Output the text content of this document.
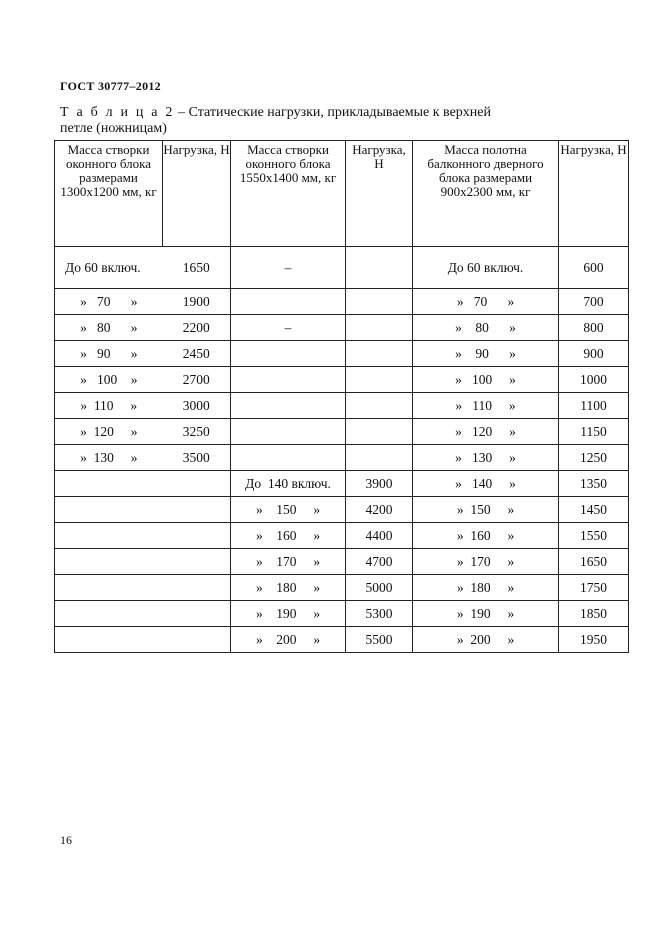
ГОСТ 30777–2012
Т а б л и ц а 2 – Статические нагрузки, прикладываемые к верхней петле (ножницам)
Масса створки оконного блока размерами 1300х1200 мм, кг	Нагрузка, Н	Масса створки оконного блока 1550х1400 мм, кг	Нагрузка, Н	Масса полотна балконного дверного блока размерами 900х2300 мм, кг	Нагрузка, Н
До 60 включ.	1650	–		До 60 включ.	600
»   70      »	1900			»   70      »	700
»   80      »	2200	–		»    80      »	800
»   90      »	2450			»    90      »	900
»   100    »	2700			»   100     »	1000
»  110     »	3000			»   110     »	1100
»  120     »	3250			»   120     »	1150
»  130     »	3500			»   130     »	1250
		До  140 включ.	3900	»   140     »	1350
		»    150     »	4200	»  150     »	1450
		»    160     »	4400	»  160     »	1550
		»    170     »	4700	»  170     »	1650
		»    180     »	5000	»  180     »	1750
		»    190     »	5300	»  190     »	1850
		»    200     »	5500	»  200     »	1950
16
